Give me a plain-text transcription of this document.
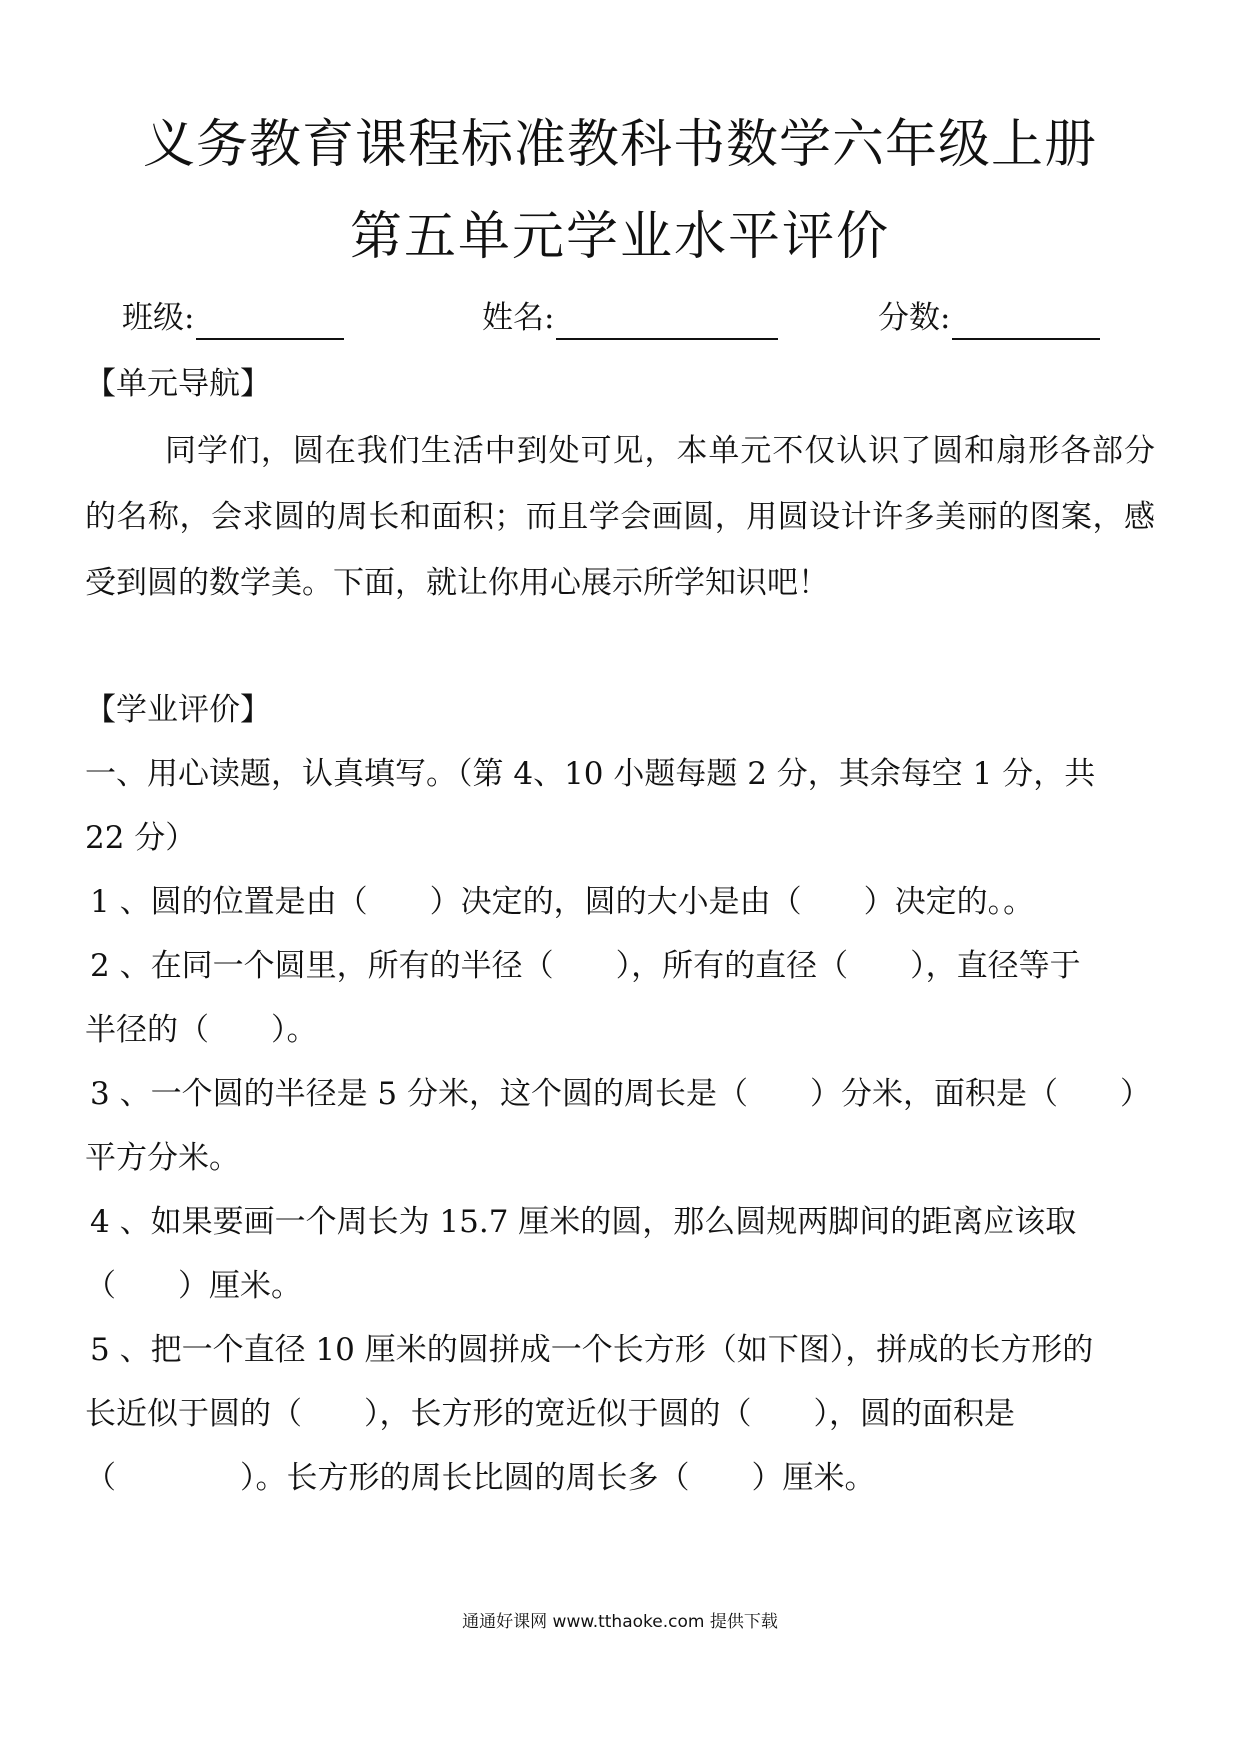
义务教育课程标准教科书数学六年级上册
第五单元学业水平评价
班级:	姓名:	分数:
【单元导航】
同学们，圆在我们生活中到处可见，本单元不仅认识了圆和扇形各部分的名称，会求圆的周长和面积；而且学会画圆，用圆设计许多美丽的图案，感受到圆的数学美。下面，就让你用心展示所学知识吧！
【学业评价】
一、用心读题，认真填写。（第 4、10 小题每题 2 分，其余每空 1 分，共
22 分）
1 、圆的位置是由（　　）决定的，圆的大小是由（　　）决定的。。
2 、在同一个圆里，所有的半径（　　），所有的直径（　　），直径等于
半径的（　　）。
3 、一个圆的半径是 5 分米，这个圆的周长是（　　）分米，面积是（　　）
平方分米。
4 、如果要画一个周长为 15.7 厘米的圆，那么圆规两脚间的距离应该取
（　　）厘米。
5 、把一个直径 10 厘米的圆拼成一个长方形（如下图），拼成的长方形的
长近似于圆的（　　），长方形的宽近似于圆的（　　），圆的面积是
（　　　　）。长方形的周长比圆的周长多（　　）厘米。
通通好课网 www.tthaoke.com 提供下载
